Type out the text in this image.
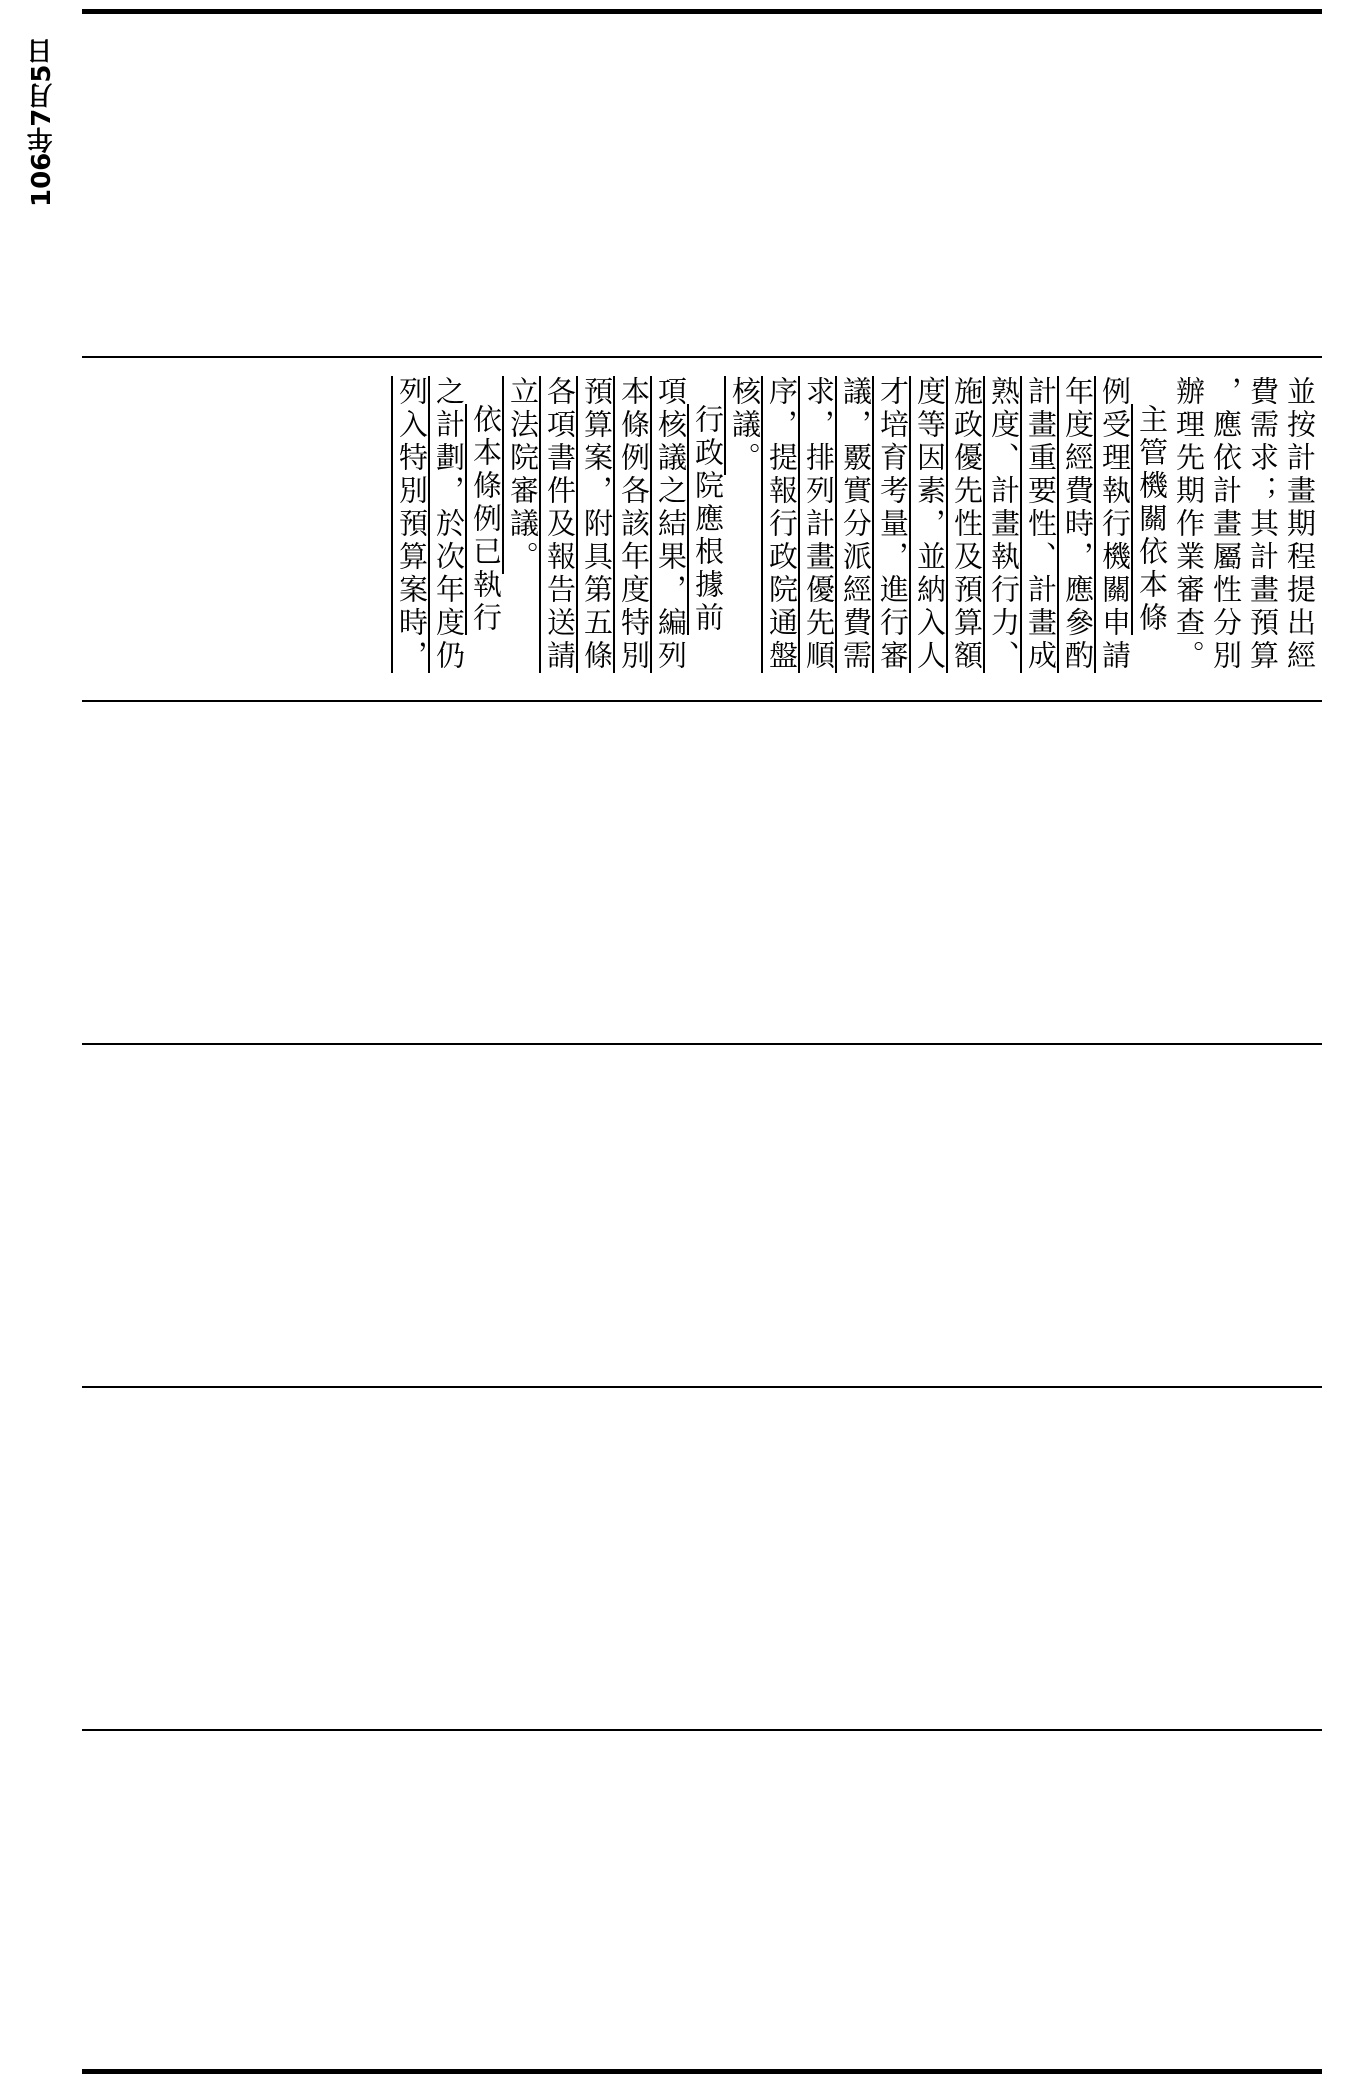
106年7月5日
並按計畫期程提出經
費需求；其計畫預算
，應依計畫屬性分別
辦理先期作業審查。
主管機關依本條
例受理執行機關申請
年度經費時，應參酌
計畫重要性、計畫成
熟度、計畫執行力、
施政優先性及預算額
度等因素，並納入人
才培育考量，進行審
議，覈實分派經費需
求，排列計畫優先順
序，提報行政院通盤
核議。
行政院應根據前
項核議之結果，編列
本條例各該年度特別
預算案，附具第五條
各項書件及報告送請
立法院審議。
依本條例已執行
之計劃，於次年度仍
列入特別預算案時，
